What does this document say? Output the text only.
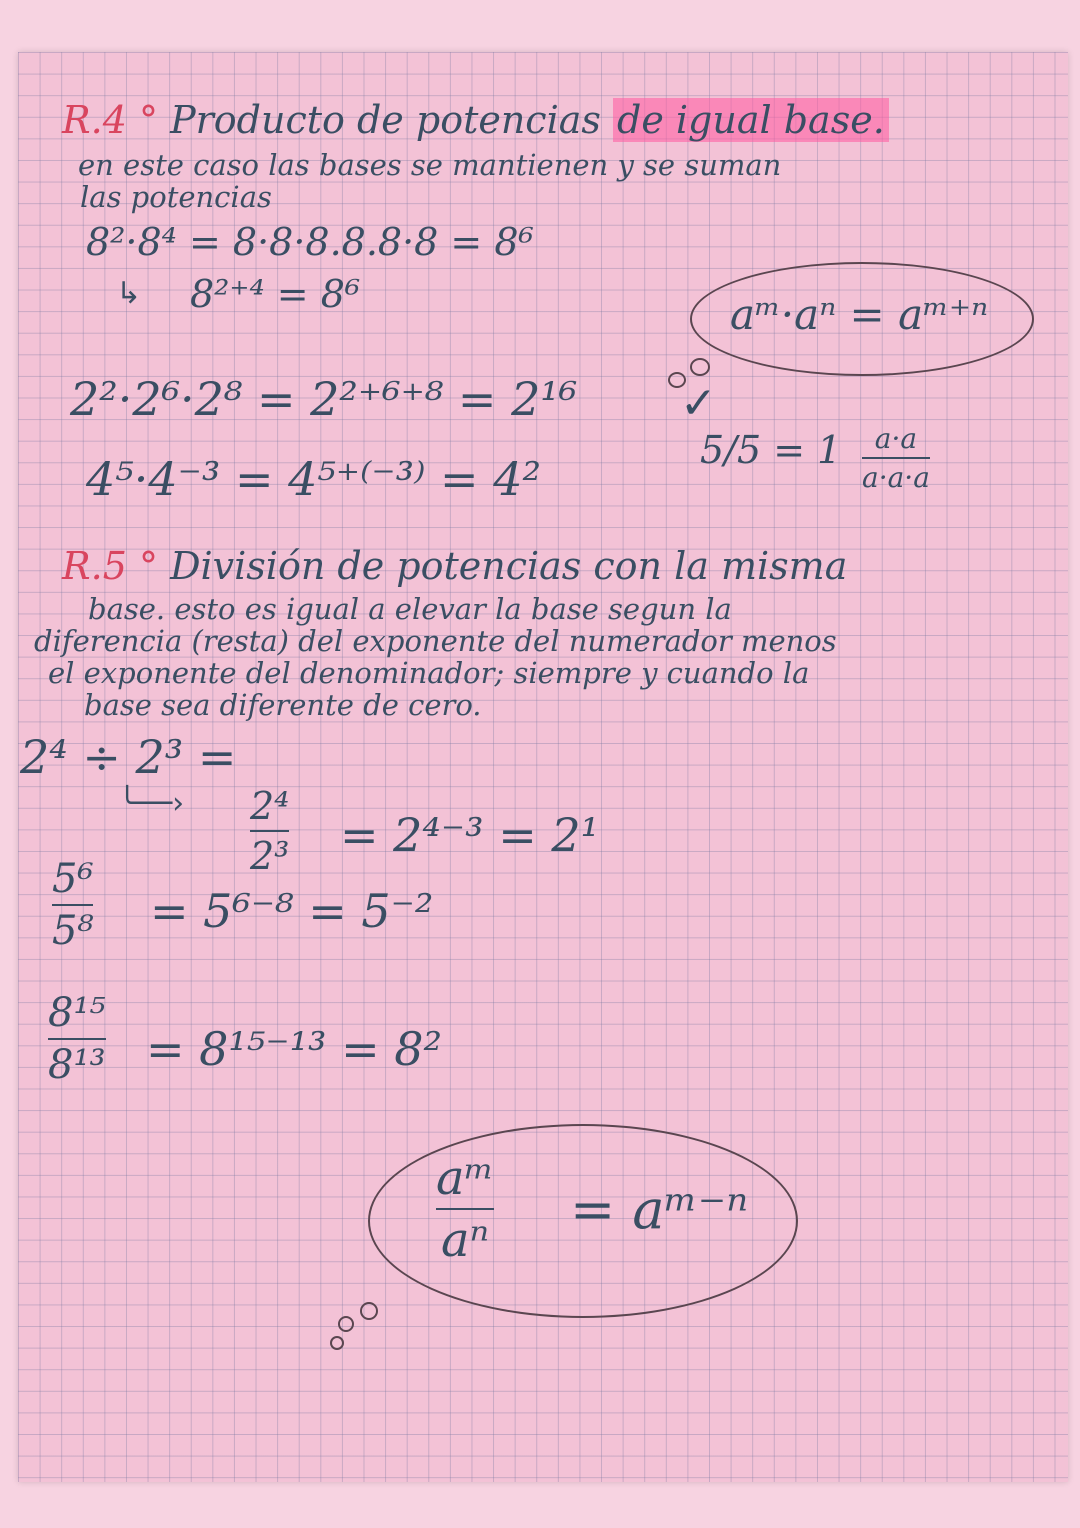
R.4 ° Producto de potencias de igual base.
en este caso las bases se mantienen y se suman
las potencias
8²·8⁴ = 8·8·8.8.8·8 = 8⁶
↳ 8²⁺⁴ = 8⁶
2²·2⁶·2⁸ = 2²⁺⁶⁺⁸ = 2¹⁶ ✓
4⁵·4⁻³ = 4⁵⁺⁽⁻³⁾ = 4²
aᵐ·aⁿ = aᵐ⁺ⁿ
5/5 = 1 a·a
a·a·a
R.5 ° División de potencias con la misma
base. esto es igual a elevar la base segun la
diferencia (resta) del exponente del numerador menos
el exponente del denominador; siempre y cuando la
base sea diferente de cero.
2⁴ ÷ 2³ =
╰──› 2⁴
2³ = 2⁴⁻³ = 2¹
5⁶
5⁸ = 5⁶⁻⁸ = 5⁻²
8¹⁵
8¹³ = 8¹⁵⁻¹³ = 8²
aᵐ
aⁿ = aᵐ⁻ⁿ
